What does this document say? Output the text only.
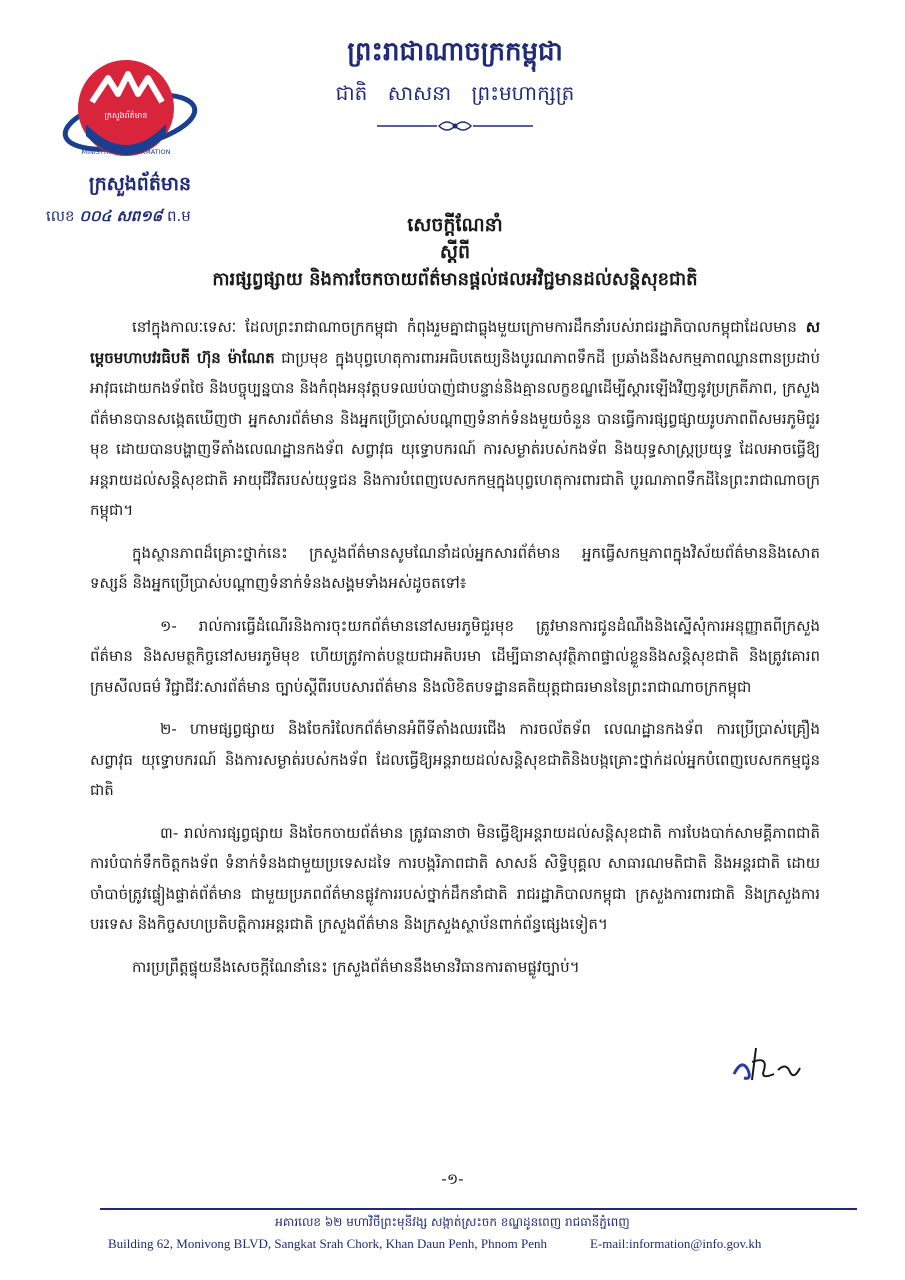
ក្រសួងព័ត៌មាន
MINISTRY OF INFORMATION
ក្រសួងព័ត៌មាន
លេខ ០០៤ សព១៨ ព.ម
ព្រះរាជាណាចក្រកម្ពុជា
ជាតិ សាសនា ព្រះមហាក្សត្រ
សេចក្តីណែនាំ
ស្តីពី
ការផ្សព្វផ្សាយ និងការចែកចាយព័ត៌មានផ្តល់ផលអវិជ្ជមានដល់សន្តិសុខជាតិ

នៅក្នុងកាលៈទេសៈ ដែលព្រះរាជាណាចក្រកម្ពុជា កំពុងរួមគ្នាជាធ្លុងមួយក្រោមការដឹកនាំរបស់រាជរដ្ឋាភិបាលកម្ពុជាដែលមាន សម្តេចមហាបវរធិបតី ហ៊ុន ម៉ាណែត ជាប្រមុខ ក្នុងបុព្វហេតុការពារអធិបតេយ្យនិងបូរណភាពទឹកដី ប្រឆាំងនឹងសកម្មភាពឈ្លានពានប្រដាប់អាវុធដោយកងទ័ពថៃ និងបច្ចុប្បន្នបាន និងកំពុងអនុវត្តបទឈប់បាញ់ជាបន្ទាន់និងគ្មានលក្ខខណ្ឌដើម្បីស្តារឡើងវិញនូវប្រក្រតីភាព, ក្រសួងព័ត៌មានបានសង្កេតឃើញថា អ្នកសារព័ត៌មាន និងអ្នកប្រើប្រាស់បណ្តាញទំនាក់ទំនងមួយចំនួន បានធ្វើការផ្សព្វផ្សាយរូបភាពពីសមរភូមិជួរមុខ ដោយបានបង្ហាញទីតាំងលេណដ្ឋានកងទ័ព សព្វាវុធ យុទ្ធោបករណ៍ ការសម្ងាត់របស់កងទ័ព និងយុទ្ធសាស្រ្តប្រយុទ្ធ ដែលអាចធ្វើឱ្យអន្តរាយដល់សន្តិសុខជាតិ អាយុជីវិតរបស់យុទ្ធជន និងការបំពេញបេសកកម្មក្នុងបុព្វហេតុការពារជាតិ បូរណភាពទឹកដីនៃព្រះរាជាណាចក្រកម្ពុជា។

ក្នុងស្ថានភាពដ៏គ្រោះថ្នាក់នេះ ក្រសួងព័ត៌មានសូមណែនាំដល់អ្នកសារព័ត៌មាន អ្នកធ្វើសកម្មភាពក្នុងវិស័យព័ត៌មាននិងសោតទស្សន៍ និងអ្នកប្រើប្រាស់បណ្តាញទំនាក់ទំនងសង្គមទាំងអស់ដូចតទៅ៖

១- រាល់ការធ្វើដំណើរនិងការចុះយកព័ត៌មាននៅសមរភូមិជួរមុខ ត្រូវមានការជូនដំណឹងនិងស្នើសុំការអនុញ្ញាតពីក្រសួងព័ត៌មាន និងសមត្ថកិច្ចនៅសមរភូមិមុខ ហើយត្រូវកាត់បន្ថយជាអតិបរមា ដើម្បីធានាសុវត្ថិភាពផ្ទាល់ខ្លួននិងសន្តិសុខជាតិ និងត្រូវគោរពក្រមសីលធម៌ វិជ្ជាជីវៈសារព័ត៌មាន ច្បាប់ស្តីពីរបបសារព័ត៌មាន និងលិខិតបទដ្ឋានគតិយុត្តជាធរមាននៃព្រះរាជាណាចក្រកម្ពុជា

២- ហាមផ្សព្វផ្សាយ និងចែករំលែកព័ត៌មានអំពីទីតាំងឈរជើង ការចល័តទ័ព លេណដ្ឋានកងទ័ព ការប្រើប្រាស់គ្រឿងសព្វាវុធ យុទ្ធោបករណ៍ និងការសម្ងាត់របស់កងទ័ព ដែលធ្វើឱ្យអន្តរាយដល់សន្តិសុខជាតិនិងបង្កគ្រោះថ្នាក់ដល់អ្នកបំពេញបេសកកម្មជូនជាតិ

៣- រាល់ការផ្សព្វផ្សាយ និងចែកចាយព័ត៌មាន ត្រូវធានាថា មិនធ្វើឱ្យអន្តរាយដល់សន្តិសុខជាតិ ការបែងបាក់សាមគ្គីភាពជាតិ ការបំបាក់ទឹកចិត្តកងទ័ព ទំនាក់ទំនងជាមួយប្រទេសដទៃ ការបង្ករិភាពជាតិ សាសន៍ សិទ្ធិបុគ្គល សាធារណមតិជាតិ និងអន្តរជាតិ ដោយចាំបាច់ត្រូវផ្ទៀងផ្ទាត់ព័ត៌មាន ជាមួយប្រភពព័ត៌មានផ្លូវការរបស់ថ្នាក់ដឹកនាំជាតិ រាជរដ្ឋាភិបាលកម្ពុជា ក្រសួងការពារជាតិ និងក្រសួងការបរទេស និងកិច្ចសហប្រតិបត្តិការអន្តរជាតិ ក្រសួងព័ត៌មាន និងក្រសួងស្ថាប័នពាក់ព័ន្ធផ្សេងទៀត។

ការប្រព្រឹត្តផ្ទុយនឹងសេចក្តីណែនាំនេះ ក្រសួងព័ត៌មាននឹងមានវិធានការតាមផ្លូវច្បាប់។

-១-
អគារលេខ ៦២ មហាវិថីព្រះមុនីវង្ស សង្កាត់ស្រះចក ខណ្ឌដូនពេញ រាជធានីភ្នំពេញ
Building 62, Monivong BLVD, Sangkat Srah Chork, Khan Daun Penh, Phnom Penh	E-mail:information@info.gov.kh
